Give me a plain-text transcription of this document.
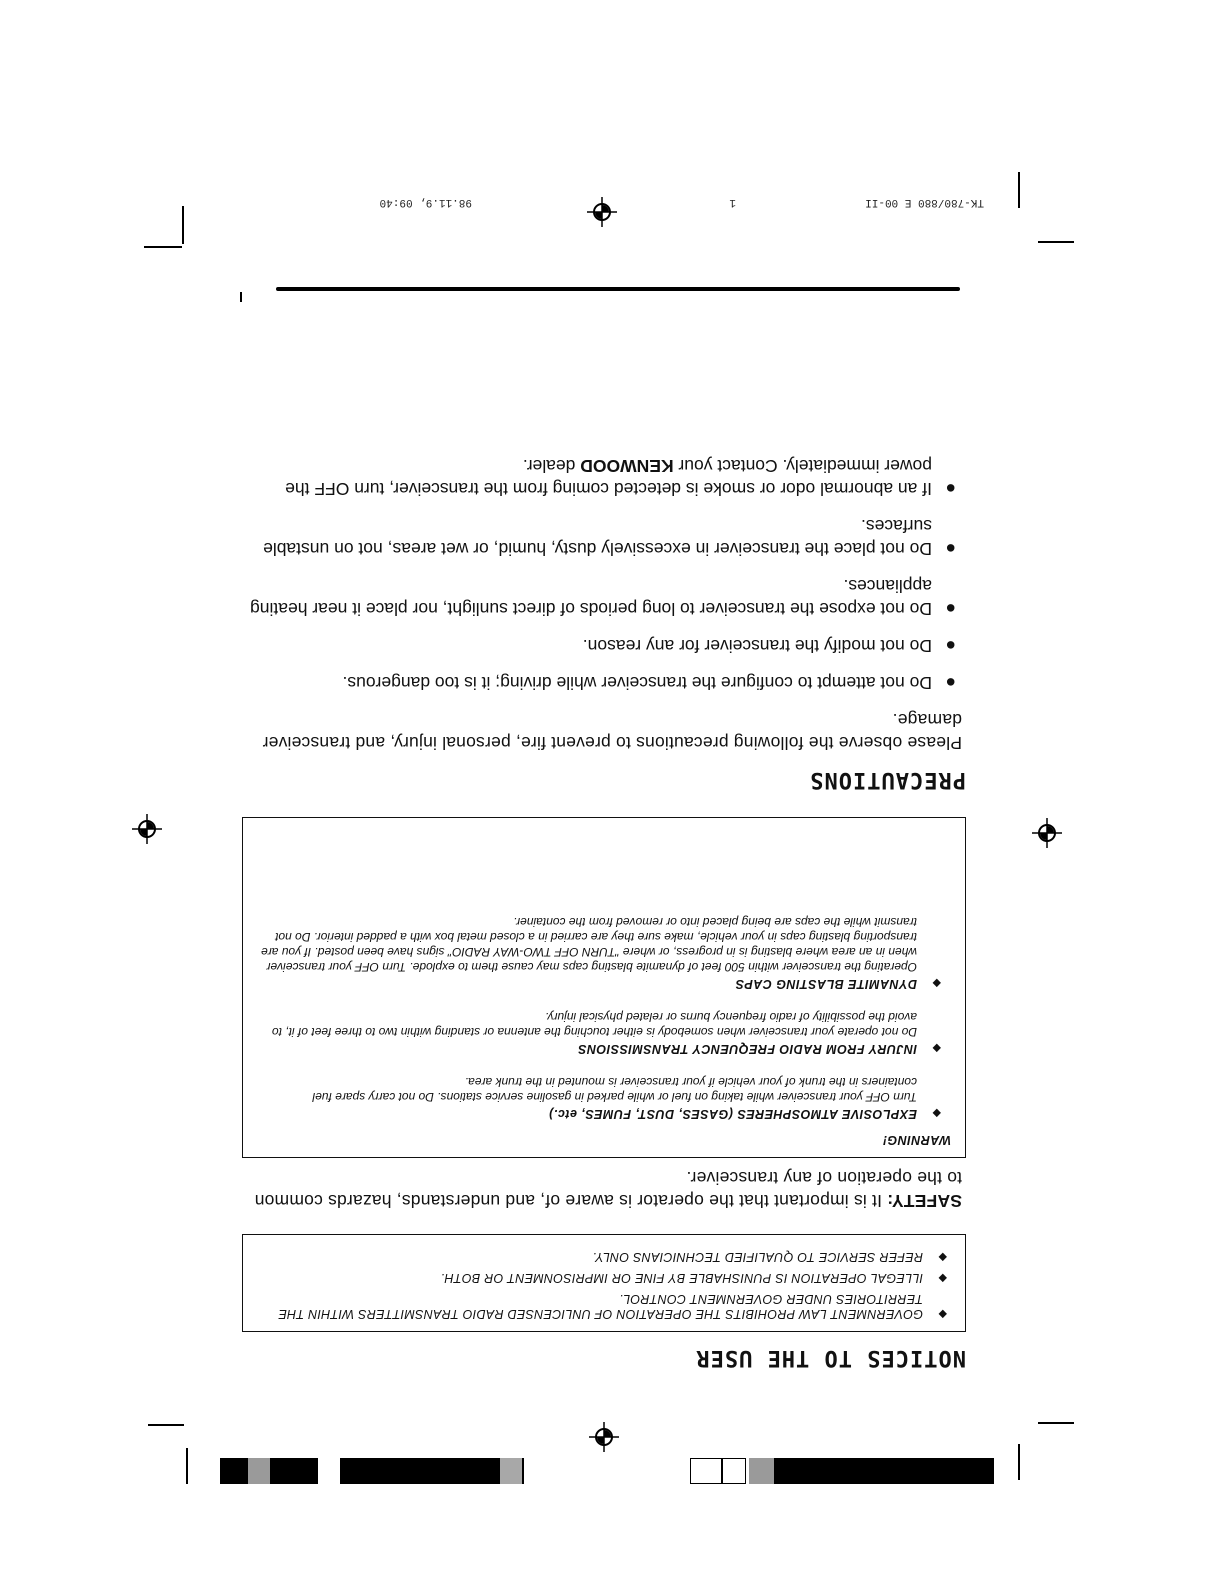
TK-780/880 E 00-II
1
98.11.9, 09:40
NOTICES TO THE USER
◆
GOVERNMENT LAW PROHIBITS THE OPERATION OF UNLICENSED RADIO TRANSMITTERS WITHIN THE TERRITORIES UNDER GOVERNMENT CONTROL.
◆
ILLEGAL OPERATION IS PUNISHABLE BY FINE OR IMPRISONMENT OR BOTH.
◆
REFER SERVICE TO QUALIFIED TECHNICIANS ONLY.
SAFETY: It is important that the operator is aware of, and understands, hazards common to the operation of any transceiver.
WARNING!
◆
EXPLOSIVE ATMOSPHERES (GASES, DUST, FUMES, etc.)
Turn OFF your transceiver while taking on fuel or while parked in gasoline service stations. Do not carry spare fuel containers in the trunk of your vehicle if your transceiver is mounted in the trunk area.
◆
INJURY FROM RADIO FREQUENCY TRANSMISSIONS
Do not operate your transceiver when somebody is either touching the antenna or standing within two to three feet of it, to avoid the possibility of radio frequency burns or related physical injury.
◆
DYNAMITE BLASTING CAPS
Operating the transceiver within 500 feet of dynamite blasting caps may cause them to explode. Turn OFF your transceiver when in an area where blasting is in progress, or where "TURN OFF TWO-WAY RADIO" signs have been posted. If you are transporting blasting caps in your vehicle, make sure they are carried in a closed metal box with a padded interior. Do not transmit while the caps are being placed into or removed from the container.
PRECAUTIONS
Please observe the following precautions to prevent fire, personal injury, and transceiver damage.
●
Do not attempt to configure the transceiver while driving; it is too dangerous.
●
Do not modify the transceiver for any reason.
●
Do not expose the transceiver to long periods of direct sunlight, nor place it near heating appliances.
●
Do not place the transceiver in excessively dusty, humid, or wet areas, not on unstable surfaces.
●
If an abnormal odor or smoke is detected coming from the transceiver, turn OFF the power immediately. Contact your KENWOOD dealer.
